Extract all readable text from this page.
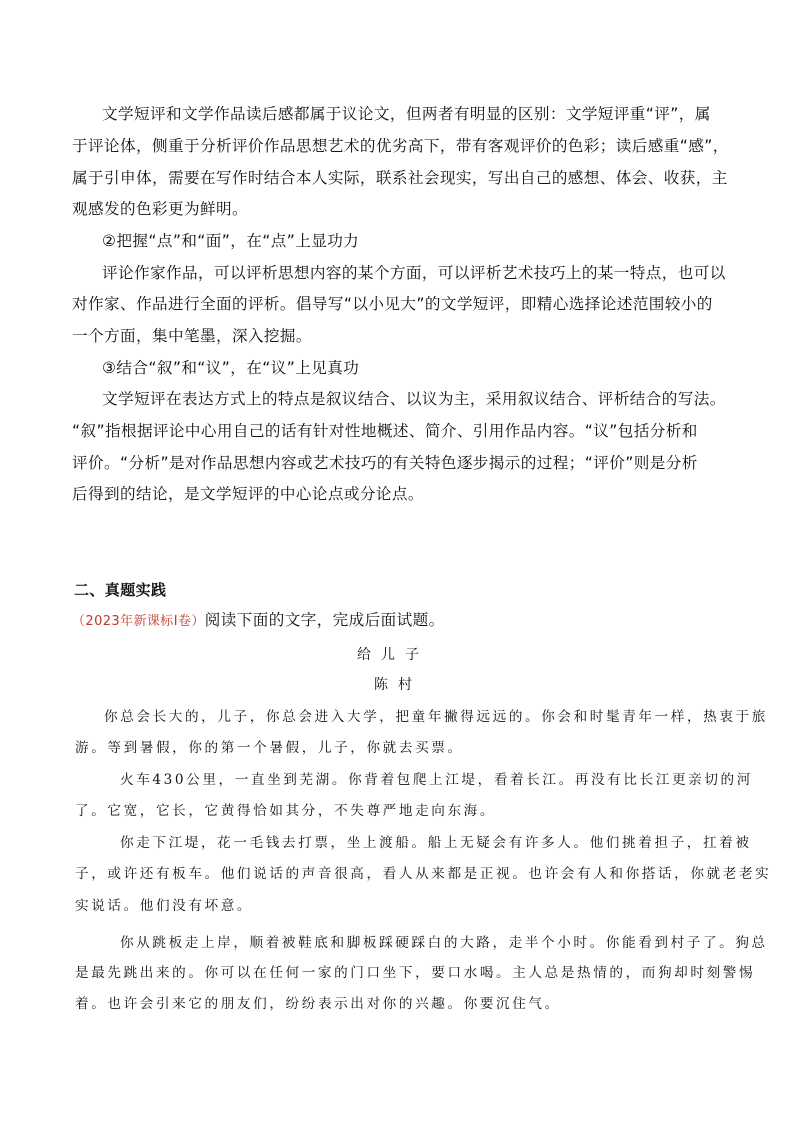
文学短评和文学作品读后感都属于议论文，但两者有明显的区别：文学短评重“评”，属
于评论体，侧重于分析评价作品思想艺术的优劣高下，带有客观评价的色彩；读后感重“感”，
属于引申体，需要在写作时结合本人实际，联系社会现实，写出自己的感想、体会、收获，主
观感发的色彩更为鲜明。
②把握“点”和“面”，在“点”上显功力
评论作家作品，可以评析思想内容的某个方面，可以评析艺术技巧上的某一特点，也可以
对作家、作品进行全面的评析。倡导写“以小见大”的文学短评，即精心选择论述范围较小的
一个方面，集中笔墨，深入挖掘。
③结合“叙”和“议”，在“议”上见真功
文学短评在表达方式上的特点是叙议结合、以议为主，采用叙议结合、评析结合的写法。
“叙”指根据评论中心用自己的话有针对性地概述、简介、引用作品内容。“议”包括分析和
评价。“分析”是对作品思想内容或艺术技巧的有关特色逐步揭示的过程；“评价”则是分析
后得到的结论，是文学短评的中心论点或分论点。
二、真题实践
（2023年新课标Ⅰ卷）阅读下面的文字，完成后面试题。
给儿子
陈村
你总会长大的，儿子，你总会进入大学，把童年撇得远远的。你会和时髦青年一样，热衷于旅
游。等到暑假，你的第一个暑假，儿子，你就去买票。
火车430公里，一直坐到芜湖。你背着包爬上江堤，看着长江。再没有比长江更亲切的河
了。它宽，它长，它黄得恰如其分，不失尊严地走向东海。
你走下江堤，花一毛钱去打票，坐上渡船。船上无疑会有许多人。他们挑着担子，扛着被
子，或许还有板车。他们说话的声音很高，看人从来都是正视。也许会有人和你搭话，你就老老实
实说话。他们没有坏意。
你从跳板走上岸，顺着被鞋底和脚板踩硬踩白的大路，走半个小时。你能看到村子了。狗总
是最先跳出来的。你可以在任何一家的门口坐下，要口水喝。主人总是热情的，而狗却时刻警惕
着。也许会引来它的朋友们，纷纷表示出对你的兴趣。你要沉住气。
